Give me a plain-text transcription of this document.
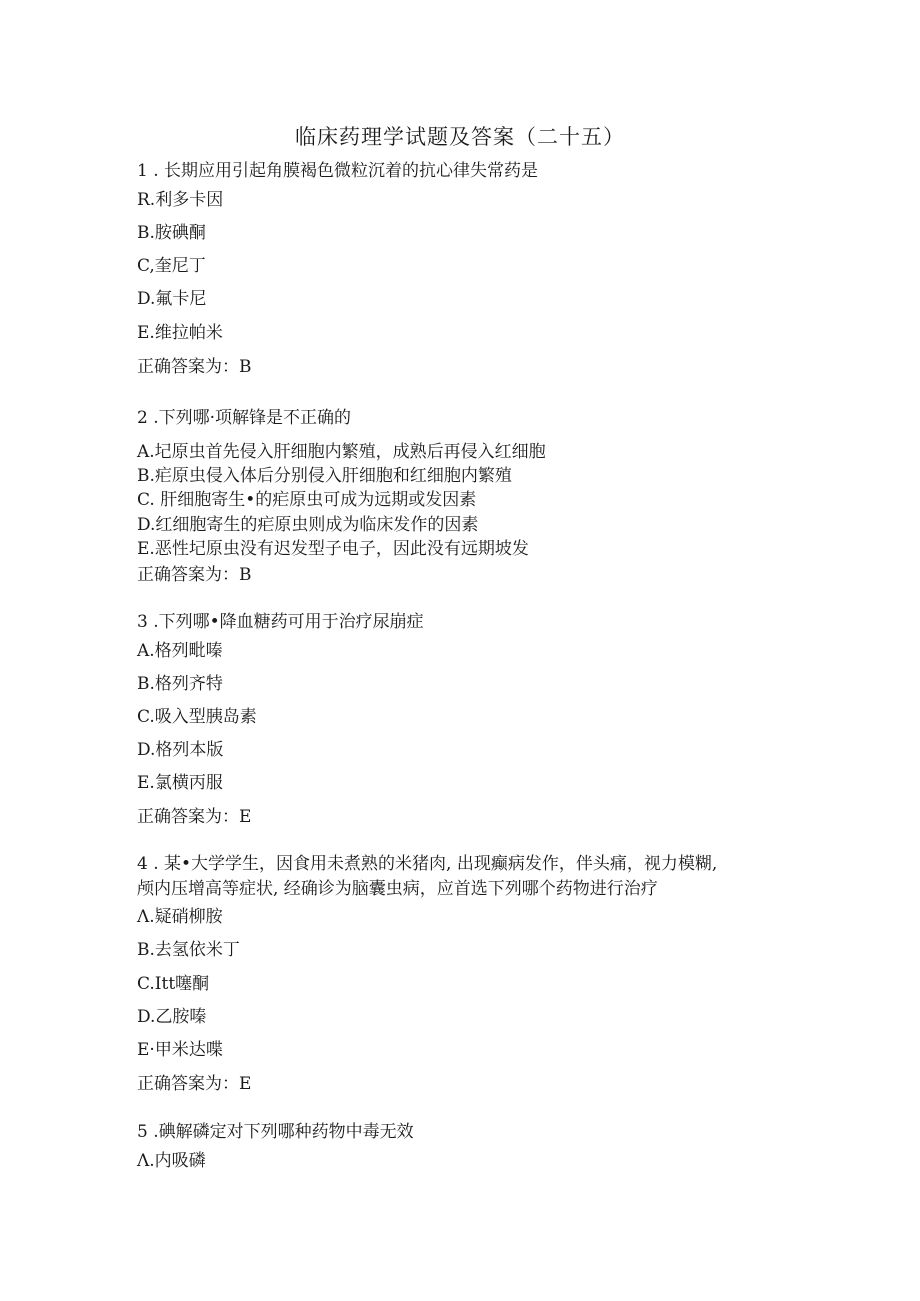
临床药理学试题及答案（二十五）
1 . 长期应用引起角膜褐色微粒沉着的抗心律失常药是
R.利多卡因
B.胺碘酮
C,奎尼丁
D.氟卡尼
E.维拉帕米
正确答案为：B
2 .下列哪·项解锋是不正确的
A.圮原虫首先侵入肝细胞内繁殖，成熟后再侵入红细胞
B.疟原虫侵入体后分别侵入肝细胞和红细胞内繁殖
C. 肝细胞寄生•的疟原虫可成为远期或发因素
D.红细胞寄生的疟原虫则成为临床发作的因素
E.恶性圮原虫没有迟发型子电子，因此没有远期坡发
正确答案为：B
3 .下列哪•降血糖药可用于治疗尿崩症
A.格列毗嗪
B.格列齐特
C.吸入型胰岛素
D.格列本版
E.氯横丙服
正确答案为：E
4 . 某•大学学生，因食用未煮熟的米猪肉, 出现癫病发作，伴头痛，视力模糊,
颅内压增高等症状, 经确诊为脑囊虫病，应首选下列哪个药物进行治疗
Λ.疑硝柳胺
B.去氢依米丁
C.Itt噻酮
D.乙胺嗪
E·甲米达喋
正确答案为：E
5 .碘解磷定对下列哪种药物中毒无效
Λ.内吸磷
